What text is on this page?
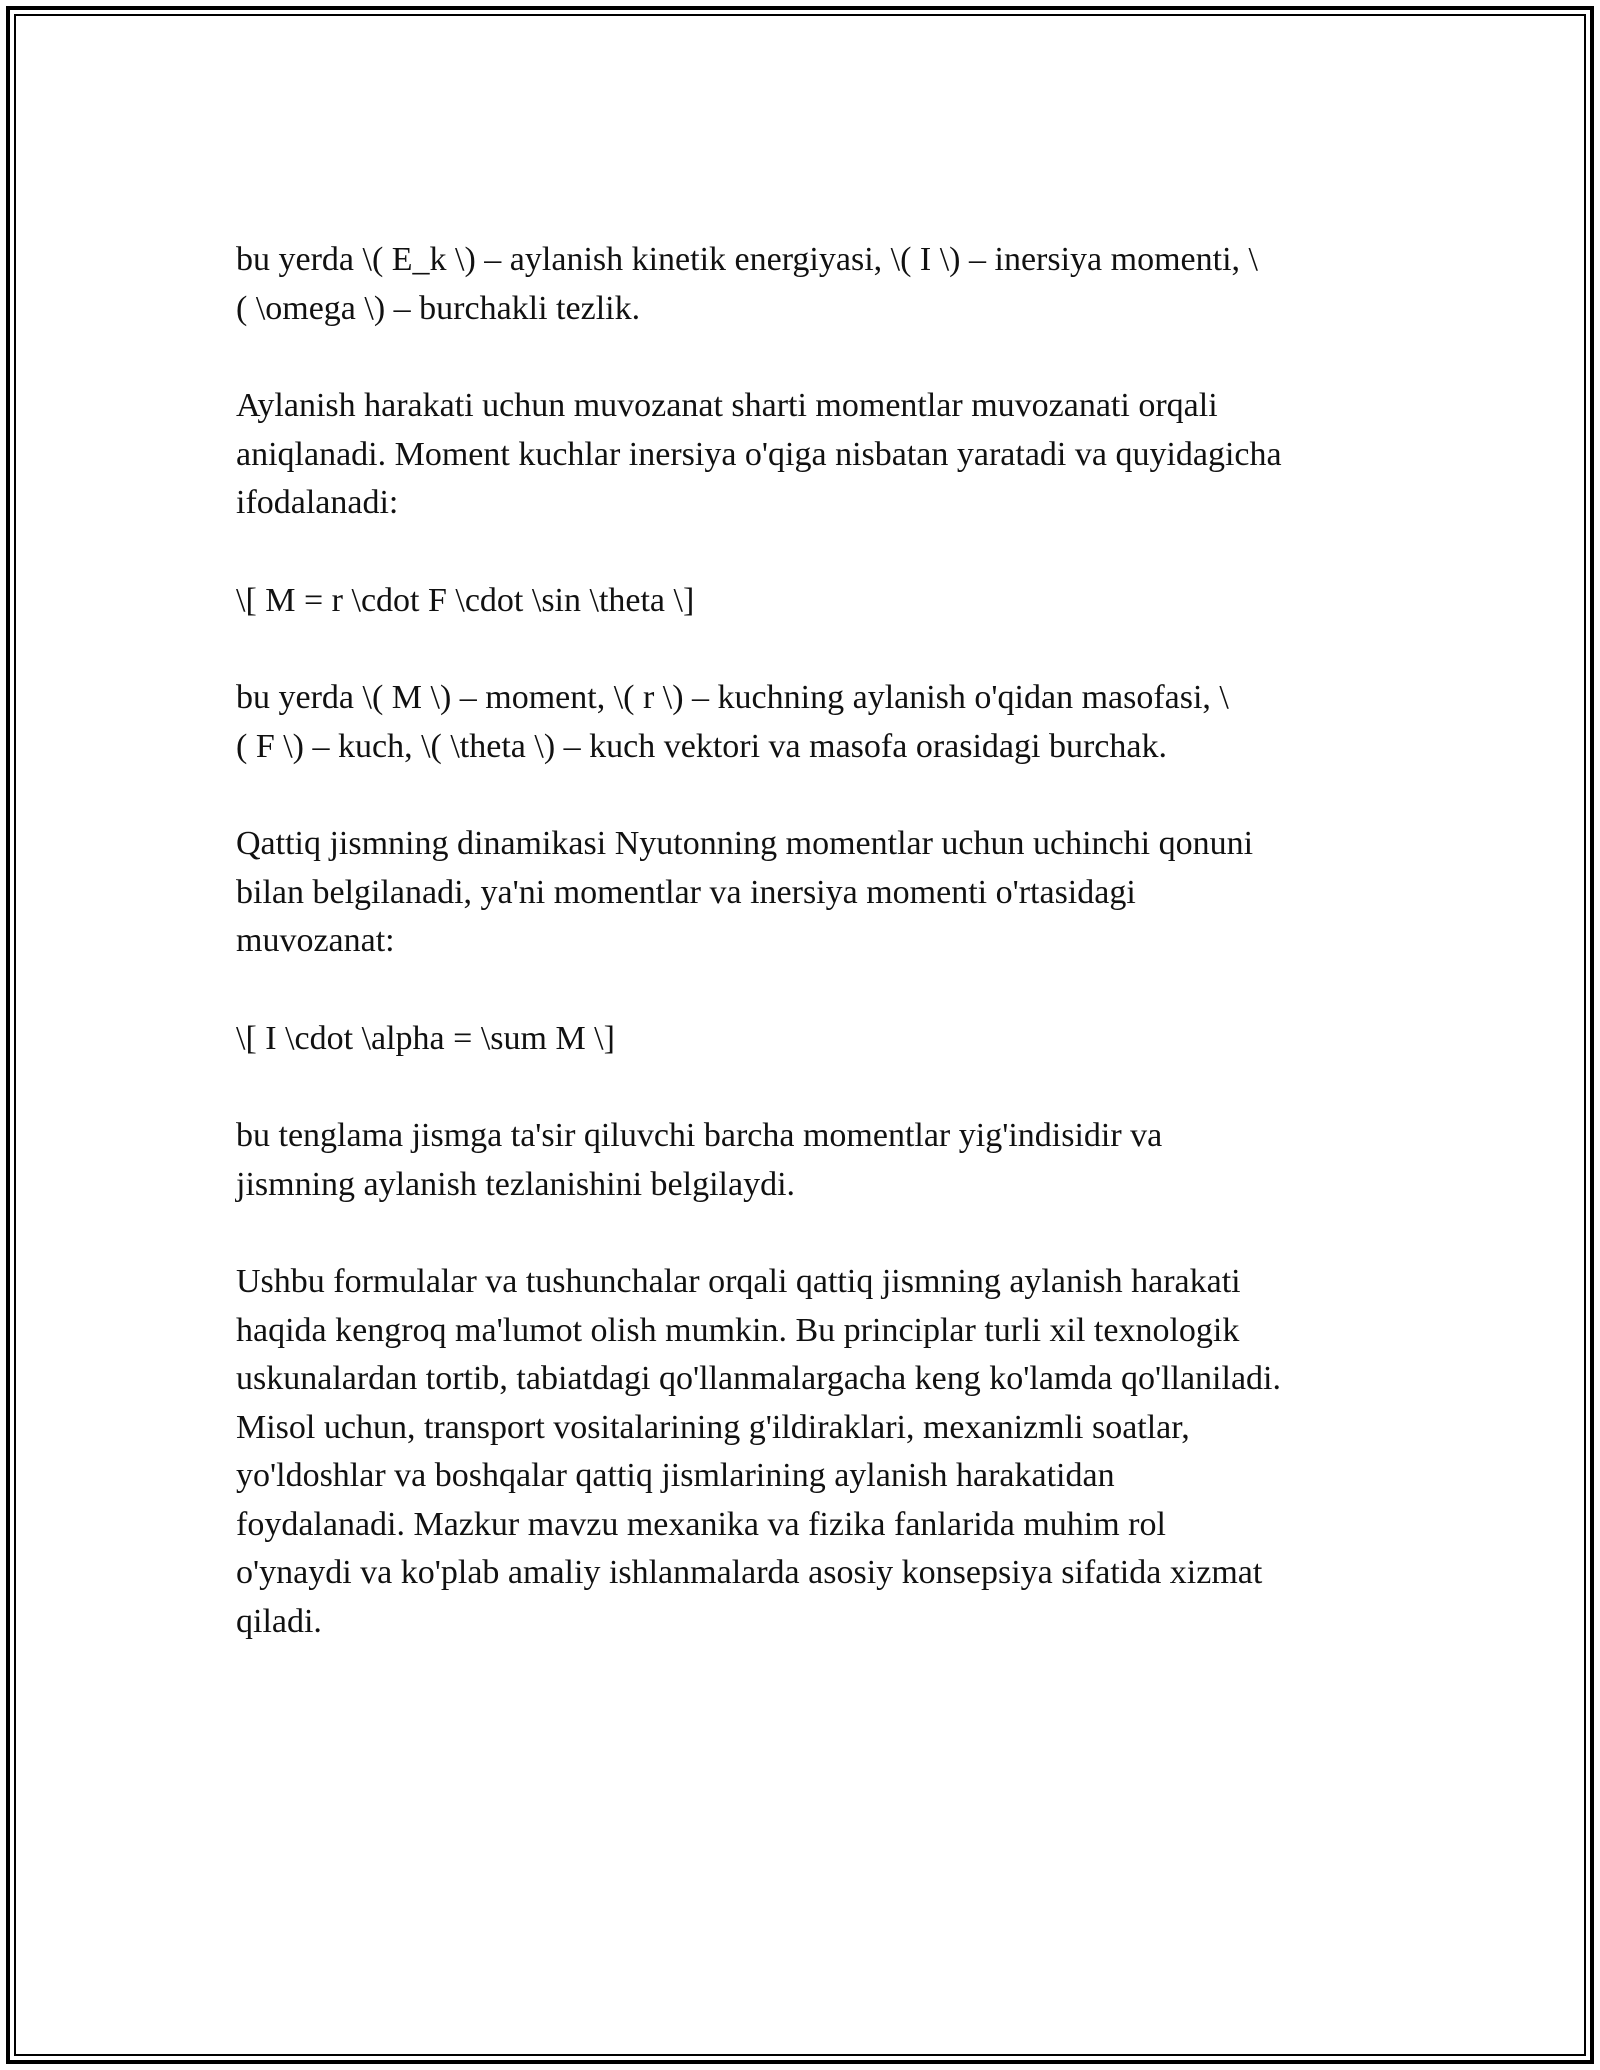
bu yerda \( E_k \) – aylanish kinetik energiyasi, \( I \) – inersiya momenti, \
( \omega \) – burchakli tezlik.

Aylanish harakati uchun muvozanat sharti momentlar muvozanati orqali
aniqlanadi. Moment kuchlar inersiya o'qiga nisbatan yaratadi va quyidagicha
ifodalanadi:

\[ M = r \cdot F \cdot \sin \theta \]

bu yerda \( M \) – moment, \( r \) – kuchning aylanish o'qidan masofasi, \
( F \) – kuch, \( \theta \) – kuch vektori va masofa orasidagi burchak.

Qattiq jismning dinamikasi Nyutonning momentlar uchun uchinchi qonuni
bilan belgilanadi, ya'ni momentlar va inersiya momenti o'rtasidagi
muvozanat:

\[ I \cdot \alpha = \sum M \]

bu tenglama jismga ta'sir qiluvchi barcha momentlar yig'indisidir va
jismning aylanish tezlanishini belgilaydi.

Ushbu formulalar va tushunchalar orqali qattiq jismning aylanish harakati
haqida kengroq ma'lumot olish mumkin. Bu principlar turli xil texnologik
uskunalardan tortib, tabiatdagi qo'llanmalargacha keng ko'lamda qo'llaniladi.
Misol uchun, transport vositalarining g'ildiraklari, mexanizmli soatlar,
yo'ldoshlar va boshqalar qattiq jismlarining aylanish harakatidan
foydalanadi. Mazkur mavzu mexanika va fizika fanlarida muhim rol
o'ynaydi va ko'plab amaliy ishlanmalarda asosiy konsepsiya sifatida xizmat
qiladi.
